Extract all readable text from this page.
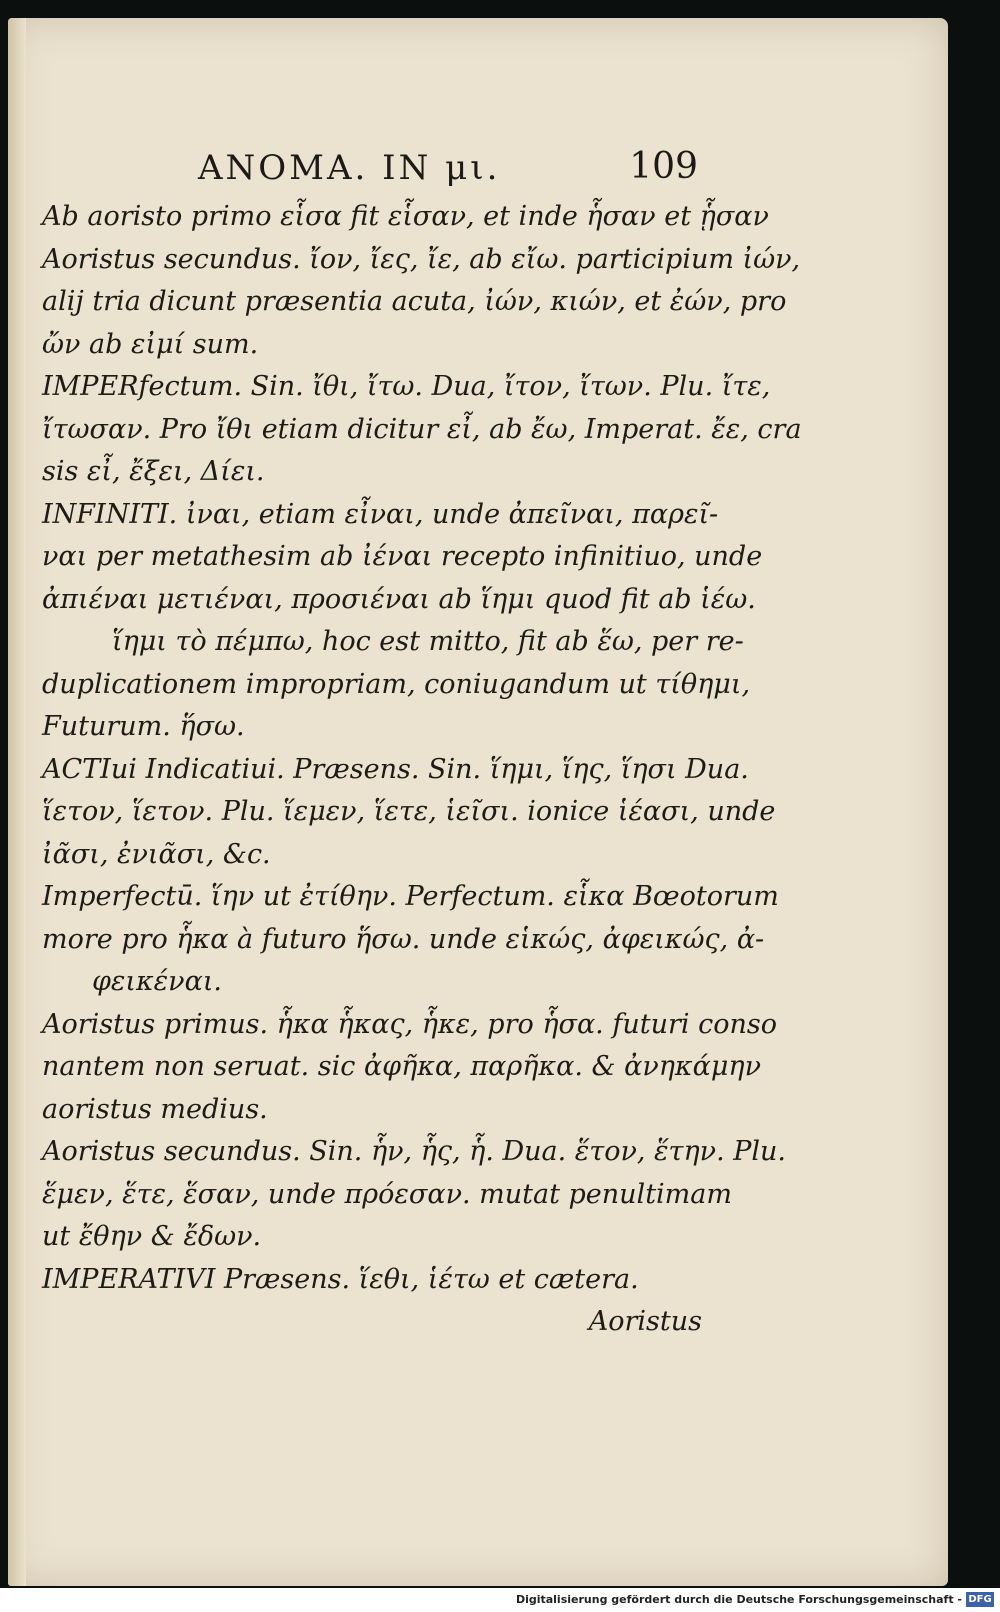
ANOMA. IN μι.	109
Ab aoristo primo εἷσα fit εἷσαν, et inde ἧσαν et ᾗσαν
Aoristus secundus. ἴον, ἴες, ἴε, ab εἴω. participium ἰών,
alij tria dicunt præsentia acuta, ἰών, κιών, et ἐών, pro
ὤν ab εἰμί sum.
IMPERfectum. Sin. ἴθι, ἴτω. Dua, ἴτον, ἴτων. Plu. ἴτε,
ἴτωσαν. Pro ἴθι etiam dicitur εἶ, ab ἔω, Imperat. ἔε, cra
sis εἶ, ἔξει, Δίει.
INFINITI. ἰναι, etiam εἶναι, unde ἀπεῖναι, παρεῖ-
ναι per metathesim ab ἰέναι recepto infinitiuo, unde
ἀπιέναι μετιέναι, προσιέναι ab ἵημι quod fit ab ἱέω.
ἵημι τὸ πέμπω, hoc est mitto, fit ab ἕω, per re-
duplicationem impropriam, coniugandum ut τίθημι,
Futurum. ἥσω.
ACTIui Indicatiui. Præsens. Sin. ἵημι, ἵης, ἵησι Dua.
ἵετον, ἵετον. Plu. ἵεμεν, ἵετε, ἱεῖσι. ionice ἱέασι, unde
ἰᾶσι, ἐνιᾶσι, &c.
Imperfectū. ἵην ut ἐτίθην. Perfectum. εἷκα Bœotorum
more pro ἧκα à futuro ἥσω. unde εἱκώς, ἀφεικώς, ἀ-
φεικέναι.
Aoristus primus. ἧκα ἧκας, ἧκε, pro ἧσα. futuri conso
nantem non seruat. sic ἀφῆκα, παρῆκα. & ἀνηκάμην
aoristus medius.
Aoristus secundus. Sin. ἧν, ἧς, ἧ. Dua. ἕτον, ἕτην. Plu.
ἕμεν, ἕτε, ἕσαν, unde πρόεσαν. mutat penultimam
ut ἔθην & ἔδων.
IMPERATIVI Præsens. ἵεθι, ἱέτω et cætera.
Aoristus
Digitalisierung gefördert durch die Deutsche Forschungsgemeinschaft - DFG
